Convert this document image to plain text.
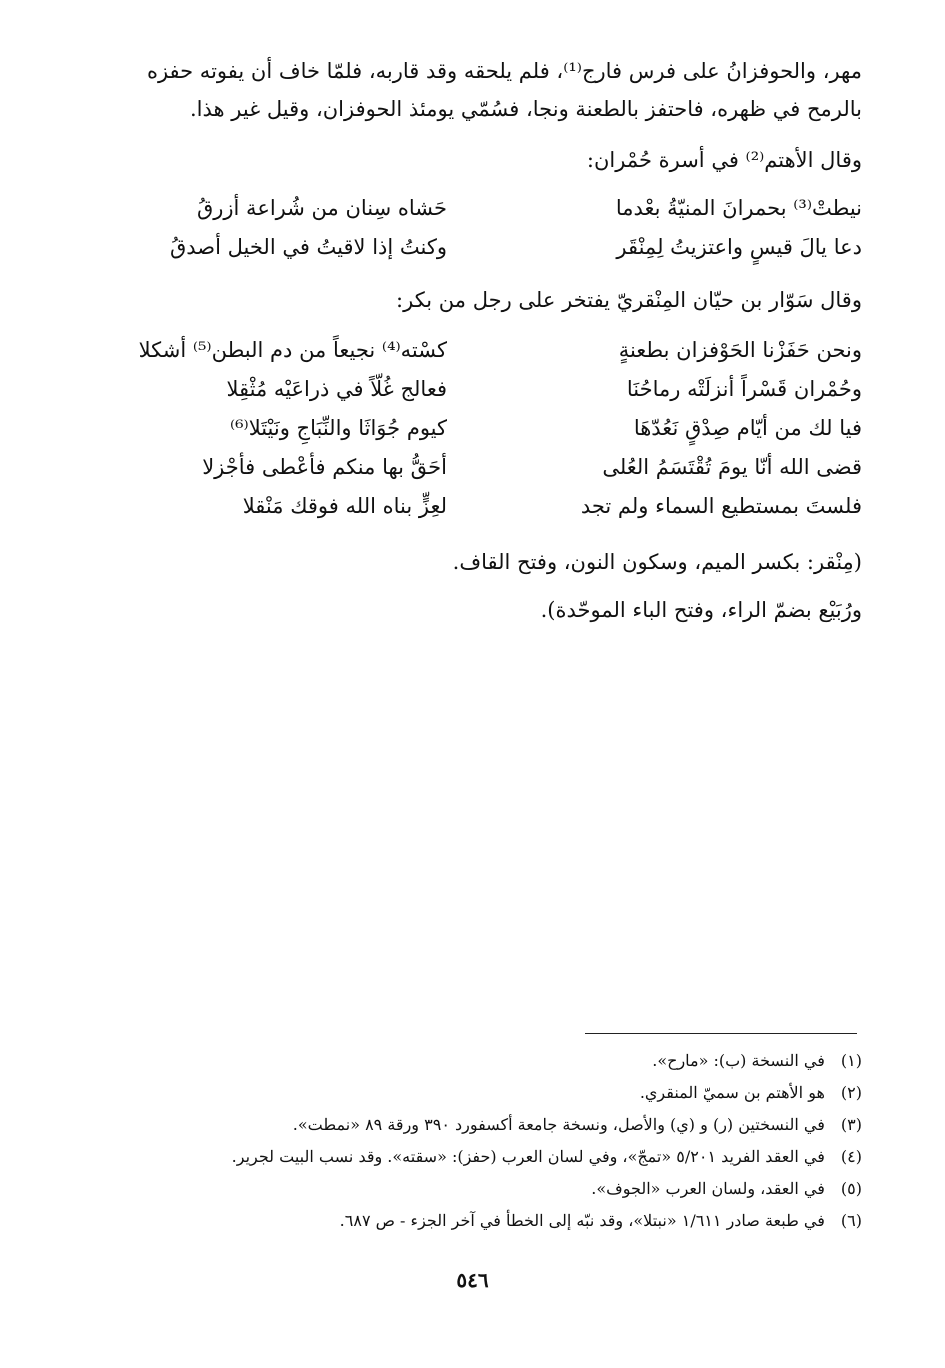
مهر، والحوفزانُ على فرس فارج⁽¹⁾، فلم يلحقه وقد قاربه، فلمّا خاف أن يفوته حفزه
بالرمح في ظهره، فاحتفز بالطعنة ونجا، فسُمّي يومئذ الحوفزان، وقيل غير هذا.

وقال الأهتم⁽²⁾ في أسرة حُمْران:

نيطتْ⁽³⁾ بحمرانَ المنيّةُ بعْدما
حَشاه سِنان من شُراعة أزرقُ
دعا يالَ قيسٍ واعتزيتُ لِمِنْقَر
وكنتُ إذا لاقيتُ في الخيل أصدقُ

وقال سَوّار بن حيّان المِنْقريّ يفتخر على رجل من بكر:

ونحن حَفَزْنا الحَوْفزان بطعنةٍ
كسْته⁽⁴⁾ نجيعاً من دم البطن⁽⁵⁾ أشكلا
وحُمْران قَسْراً أنزلَتْه رماحُنَا
فعالج غُلّاً في ذراعَيْه مُثْقِلا
فيا لك من أيّام صِدْقٍ نَعُدّهَا
كيوم جُوَاثَا والنِّبَاجِ ونَيْتَلا⁽⁶⁾
قضى الله أنّا يومَ تُقْتَسَمُ العُلى
أحَقُّ بها منكم فأعْطى فأجْزلا
فلستَ بمستطيع السماء ولم تجد
لعِزٍّ بناه الله فوقك مَنْقلا

(مِنْقر: بكسر الميم، وسكون النون، وفتح القاف.

ورُبَيْع بضمّ الراء، وفتح الباء الموحّدة).

(١) في النسخة (ب): «مارح».
(٢) هو الأهتم بن سميّ المنقري.
(٣) في النسختين (ر) و (ي) والأصل، ونسخة جامعة أكسفورد ٣٩٠ ورقة ٨٩ «نمطت».
(٤) في العقد الفريد ٥/٢٠١ «تمجّ»، وفي لسان العرب (حفز): «سقته». وقد نسب البيت لجرير.
(٥) في العقد، ولسان العرب «الجوف».
(٦) في طبعة صادر ١/٦١١ «نبتلا»، وقد نبّه إلى الخطأ في آخر الجزء - ص ٦٨٧.
٥٤٦
